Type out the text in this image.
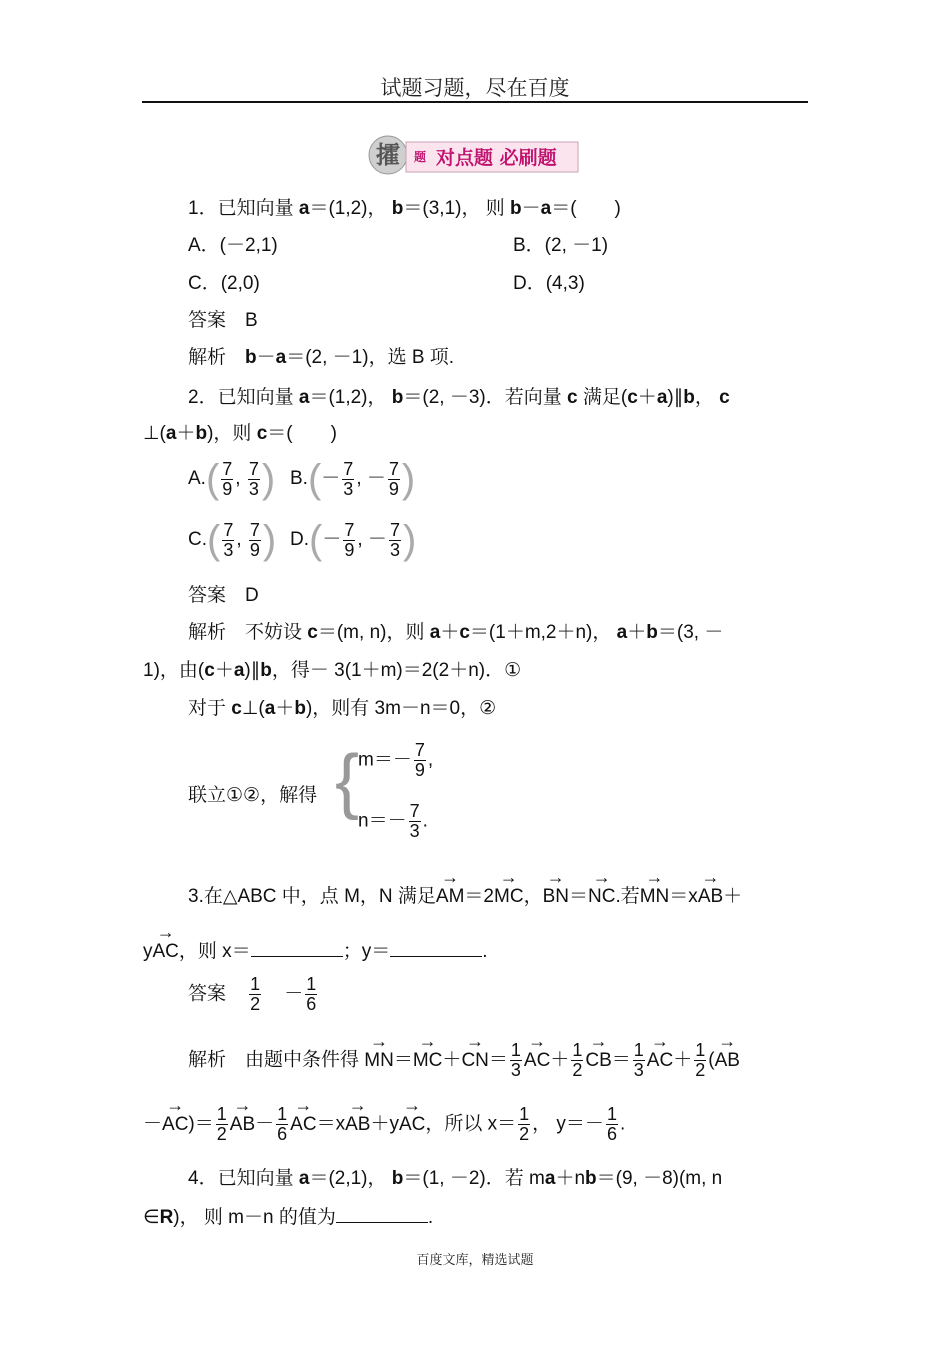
试题习题，尽在百度
攉 题 对点题 必刷题
1．已知向量 a＝(1,2)， b＝(3,1)， 则 b－a＝(　　)
A．(－2,1)	B．(2, －1)
C．(2,0)	D．(4,3)
答案　B
解析　b－a＝(2, －1)，选 B 项.
2．已知向量 a＝(1,2)， b＝(2, －3)．若向量 c 满足(c＋a)∥b， c
⊥(a＋b)，则 c＝(　　)
$A.( \frac{7}{9}$ , $\frac{7}{3}$ ) $B.(- \frac{7}{3}$ , － $\frac{7}{9}$ )
$C.( \frac{7}{3}$ , $\frac{7}{9}$ ) $D.(- \frac{7}{9}$ , － $\frac{7}{3}$ )
答案　D
解析　不妨设 c＝(m, n)，则 a＋c＝(1＋m,2＋n)， a＋b＝(3, －
1)，由(c＋a)∥b，得－ 3(1＋m)＝2(2＋n)．①
对于 c⊥(a＋b)，则有 3m－n＝0，②
联立①②，解得 {
$m=- \frac{7}{9}$ ,
$n=- \frac{7}{3}$ .
3.在△ABC 中，点 M，N 满足→ AM＝2→ MC，→ BN＝→ NC.若→ MN＝x→ AB＋
y→ AC，则 x＝	；y＝	.
答案 $\frac{1}{2} - \frac{1}{6}$
解析　由题中条件得 → $MN=\to MC+\to CN= \frac{1}{3}$
→ $AC+ \frac{1}{2}$
→ $CB= \frac{1}{3}$
→ $AC+ \frac{1}{2}$ (→ AB
－→ $AC)= \frac{1}{2}$
→ $AB- \frac{1}{6}$
→ AC＝x→ AB＋y→ AC，所以 $x= \frac{1}{2}$ ， $y=- \frac{1}{6}$ .
4．已知向量 a＝(2,1)， b＝(1, －2)．若 ma＋nb＝(9, －8)(m, n
∈R)， 则 m－n 的值为	.
百度文库，精选试题
